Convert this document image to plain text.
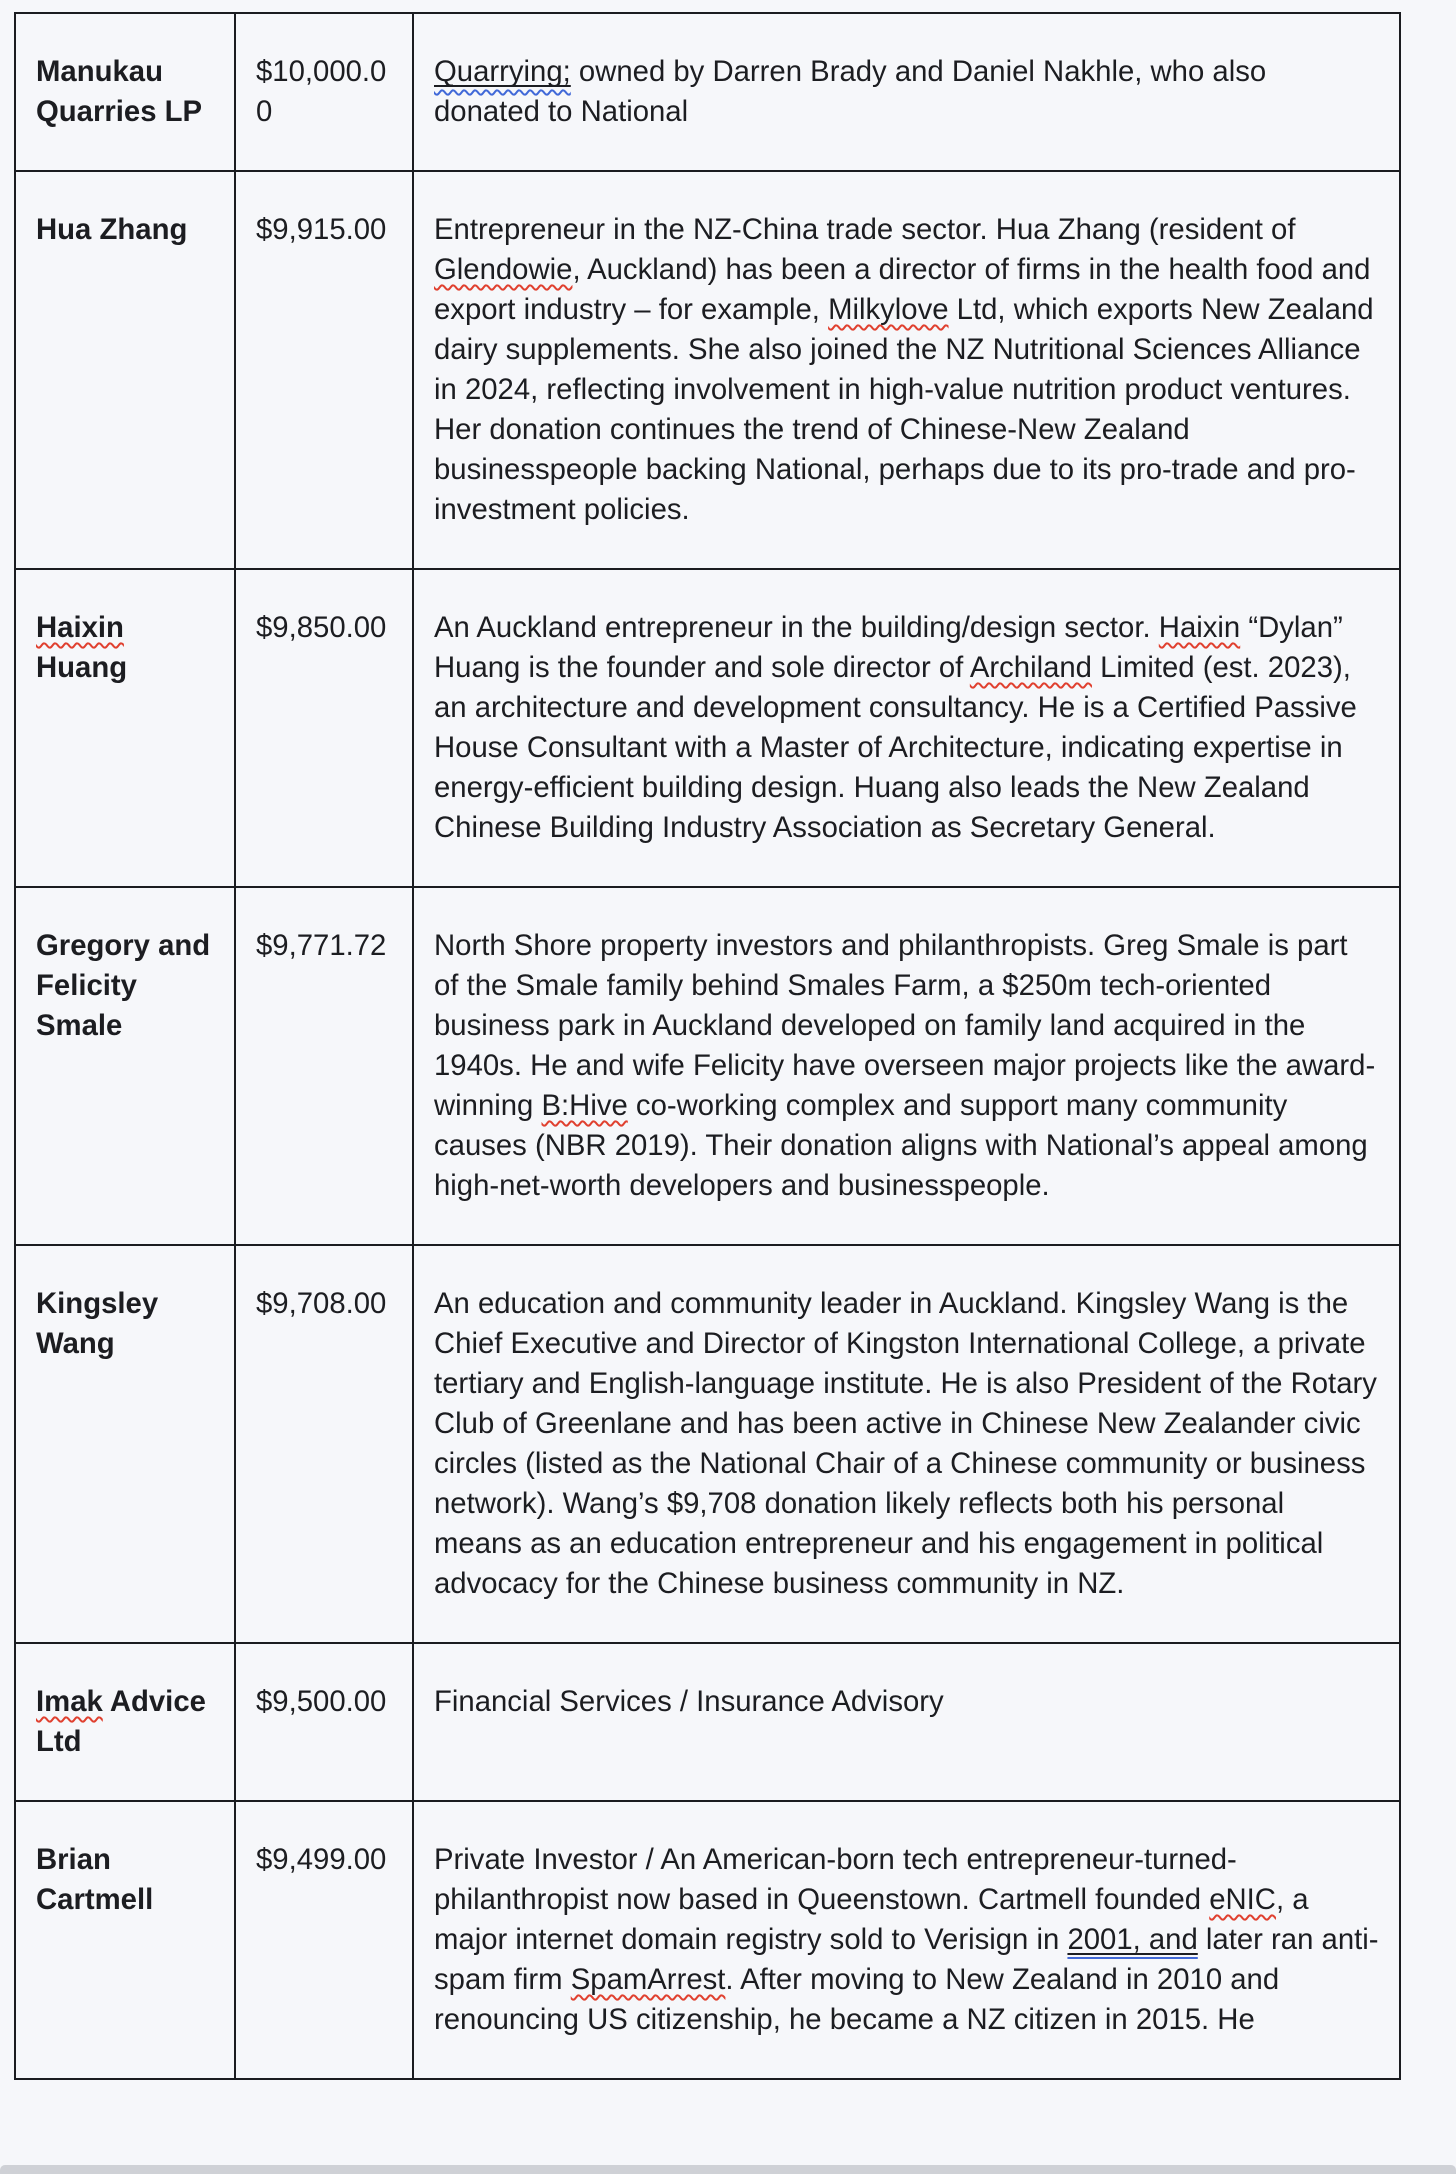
Manukau Quarries LP	$10,000.00	Quarrying; owned by Darren Brady and Daniel Nakhle, who also donated to National
Hua Zhang	$9,915.00	Entrepreneur in the NZ-China trade sector. Hua Zhang (resident of Glendowie, Auckland) has been a director of firms in the health food and export industry – for example, Milkylove Ltd, which exports New Zealand dairy supplements. She also joined the NZ Nutritional Sciences Alliance in 2024, reflecting involvement in high-value nutrition product ventures. Her donation continues the trend of Chinese-New Zealand businesspeople backing National, perhaps due to its pro-trade and pro-investment policies.
Haixin Huang	$9,850.00	An Auckland entrepreneur in the building/design sector. Haixin “Dylan” Huang is the founder and sole director of Archiland Limited (est. 2023), an architecture and development consultancy. He is a Certified Passive House Consultant with a Master of Architecture, indicating expertise in energy-efficient building design. Huang also leads the New Zealand Chinese Building Industry Association as Secretary General.
Gregory and Felicity Smale	$9,771.72	North Shore property investors and philanthropists. Greg Smale is part of the Smale family behind Smales Farm, a $250m tech-oriented business park in Auckland developed on family land acquired in the 1940s. He and wife Felicity have overseen major projects like the award-winning B:Hive co-working complex and support many community causes (NBR 2019). Their donation aligns with National’s appeal among high-net-worth developers and businesspeople.
Kingsley Wang	$9,708.00	An education and community leader in Auckland. Kingsley Wang is the Chief Executive and Director of Kingston International College, a private tertiary and English-language institute. He is also President of the Rotary Club of Greenlane and has been active in Chinese New Zealander civic circles (listed as the National Chair of a Chinese community or business network). Wang’s $9,708 donation likely reflects both his personal means as an education entrepreneur and his engagement in political advocacy for the Chinese business community in NZ.
Imak Advice Ltd	$9,500.00	Financial Services / Insurance Advisory
Brian Cartmell	$9,499.00	Private Investor / An American-born tech entrepreneur-turned-philanthropist now based in Queenstown. Cartmell founded eNIC, a major internet domain registry sold to Verisign in 2001, and later ran anti-spam firm SpamArrest. After moving to New Zealand in 2010 and renouncing US citizenship, he became a NZ citizen in 2015. He
